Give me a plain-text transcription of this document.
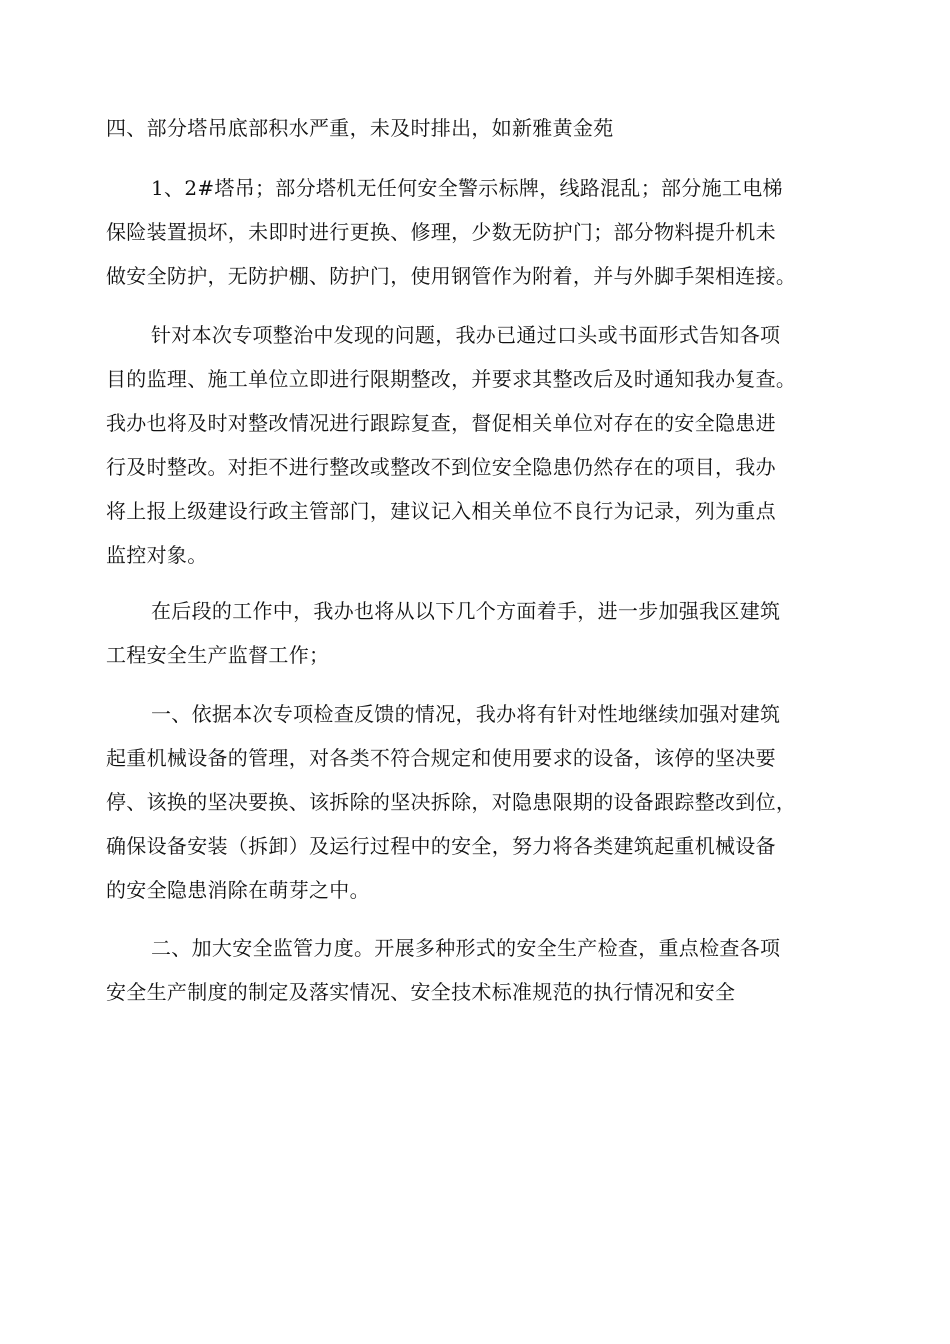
四、部分塔吊底部积水严重，未及时排出，如新雅黄金苑

1、2#塔吊；部分塔机无任何安全警示标牌，线路混乱；部分施工电梯

保险装置损坏，未即时进行更换、修理，少数无防护门；部分物料提升机未

做安全防护，无防护棚、防护门，使用钢管作为附着，并与外脚手架相连接。

针对本次专项整治中发现的问题，我办已通过口头或书面形式告知各项

目的监理、施工单位立即进行限期整改，并要求其整改后及时通知我办复查。

我办也将及时对整改情况进行跟踪复查，督促相关单位对存在的安全隐患进

行及时整改。对拒不进行整改或整改不到位安全隐患仍然存在的项目，我办

将上报上级建设行政主管部门，建议记入相关单位不良行为记录，列为重点

监控对象。

在后段的工作中，我办也将从以下几个方面着手，进一步加强我区建筑

工程安全生产监督工作；

一、依据本次专项检查反馈的情况，我办将有针对性地继续加强对建筑

起重机械设备的管理，对各类不符合规定和使用要求的设备，该停的坚决要

停、该换的坚决要换、该拆除的坚决拆除，对隐患限期的设备跟踪整改到位，

确保设备安装（拆卸）及运行过程中的安全，努力将各类建筑起重机械设备

的安全隐患消除在萌芽之中。

二、加大安全监管力度。开展多种形式的安全生产检查，重点检查各项

安全生产制度的制定及落实情况、安全技术标准规范的执行情况和安全
